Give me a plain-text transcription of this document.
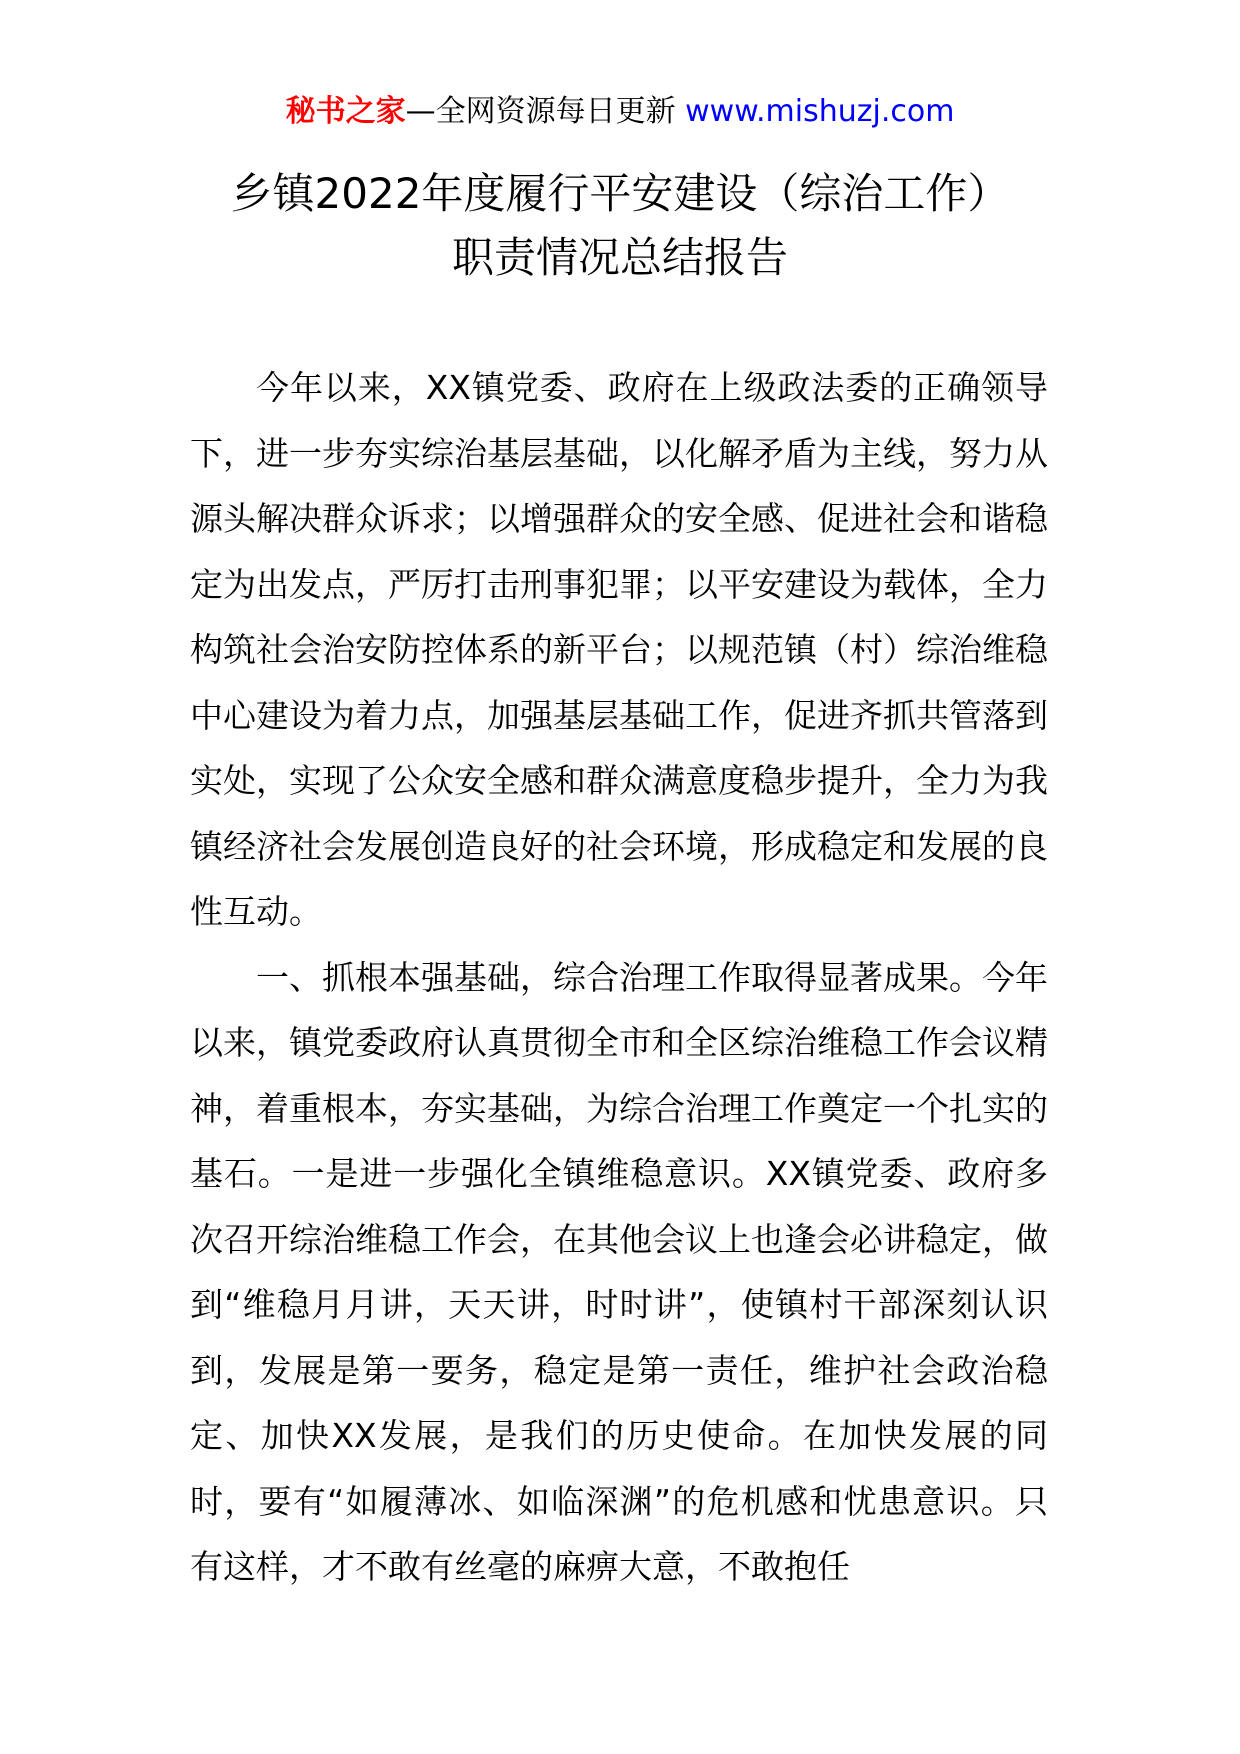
秘书之家—全网资源每日更新 www.mishuzj.com
乡镇2022年度履行平安建设（综治工作）
职责情况总结报告

今年以来，XX镇党委、政府在上级政法委的正确领导下，进一步夯实综治基层基础，以化解矛盾为主线，努力从源头解决群众诉求；以增强群众的安全感、促进社会和谐稳定为出发点，严厉打击刑事犯罪；以平安建设为载体，全力构筑社会治安防控体系的新平台；以规范镇（村）综治维稳中心建设为着力点，加强基层基础工作，促进齐抓共管落到实处，实现了公众安全感和群众满意度稳步提升，全力为我镇经济社会发展创造良好的社会环境，形成稳定和发展的良性互动。

一、抓根本强基础，综合治理工作取得显著成果。今年以来，镇党委政府认真贯彻全市和全区综治维稳工作会议精神，着重根本，夯实基础，为综合治理工作奠定一个扎实的基石。一是进一步强化全镇维稳意识。XX镇党委、政府多次召开综治维稳工作会，在其他会议上也逢会必讲稳定，做到“维稳月月讲，天天讲，时时讲”，使镇村干部深刻认识到，发展是第一要务，稳定是第一责任，维护社会政治稳定、加快XX发展，是我们的历史使命。在加快发展的同时，要有“如履薄冰、如临深渊”的危机感和忧患意识。只有这样，才不敢有丝毫的麻痹大意，不敢抱任
